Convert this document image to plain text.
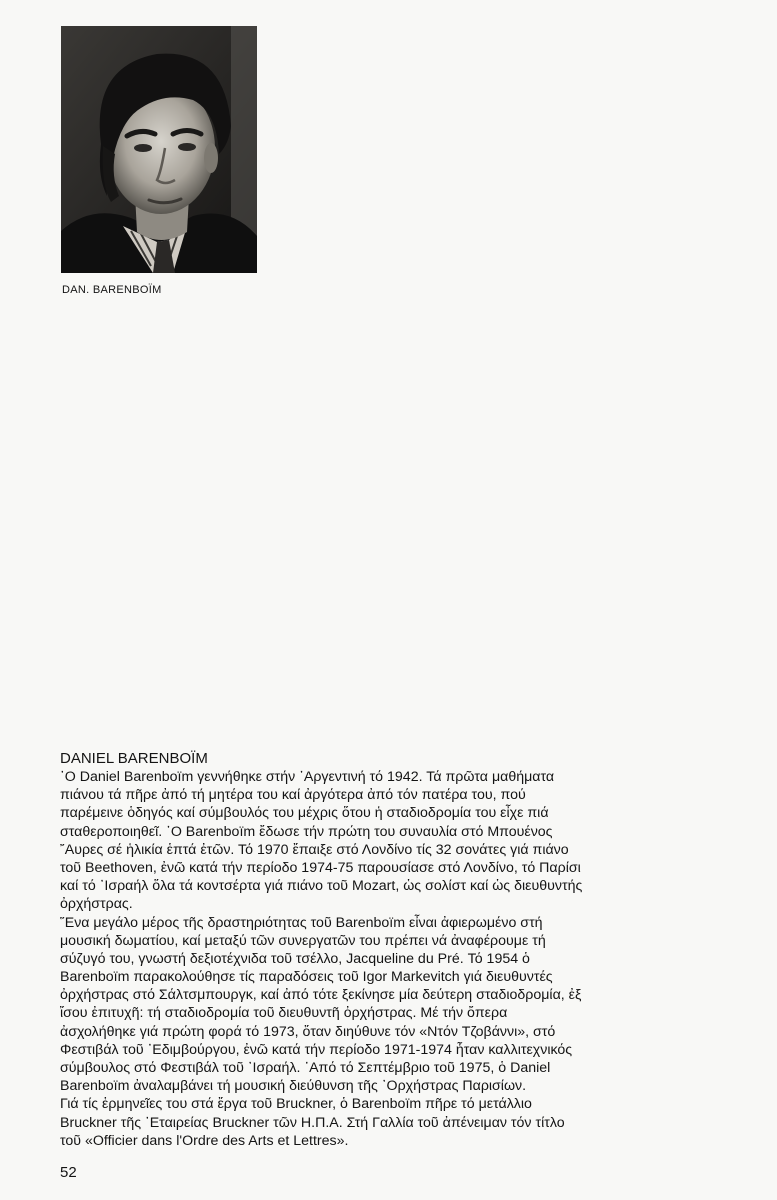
DAN. BARENBOÏM
DANIEL BARENBOÏM
῾Ο Daniel Barenboïm γεννήθηκε στήν ᾽Αργεντινή τό 1942. Τά πρῶτα μαθήματα
πιάνου τά πῆρε ἀπό τή μητέρα του καί ἀργότερα ἀπό τόν πατέρα του, πού
παρέμεινε ὁδηγός καί σύμβουλός του μέχρις ὅτου ἡ σταδιοδρομία του εἶχε πιά
σταθεροποιηθεῖ. ῾Ο Barenboïm ἔδωσε τήν πρώτη του συναυλία στό Μπουένος
῎Αυρες σέ ἡλικία ἑπτά ἐτῶν. Τό 1970 ἔπαιξε στό Λονδίνο τίς 32 σονάτες γιά πιάνο
τοῦ Beethoven, ἐνῶ κατά τήν περίοδο 1974-75 παρουσίασε στό Λονδίνο, τό Παρίσι
καί τό ᾽Ισραήλ ὅλα τά κοντσέρτα γιά πιάνο τοῦ Mozart, ὡς σολίστ καί ὡς διευθυντής
ὀρχήστρας.
῞Ενα μεγάλο μέρος τῆς δραστηριότητας τοῦ Barenboïm εἶναι ἀφιερωμένο στή
μουσική δωματίου, καί μεταξύ τῶν συνεργατῶν του πρέπει νά ἀναφέρουμε τή
σύζυγό του, γνωστή δεξιοτέχνιδα τοῦ τσέλλο, Jacqueline du Pré. Τό 1954 ὁ
Barenboïm παρακολούθησε τίς παραδόσεις τοῦ Igor Markevitch γιά διευθυντές
ὀρχήστρας στό Σάλτσμπουργκ, καί ἀπό τότε ξεκίνησε μία δεύτερη σταδιοδρομία, ἐξ
ἴσου ἐπιτυχῆ: τή σταδιοδρομία τοῦ διευθυντῆ ὀρχήστρας. Μέ τήν ὄπερα
ἀσχολήθηκε γιά πρώτη φορά τό 1973, ὅταν διηύθυνε τόν «Ντόν Τζοβάννι», στό
Φεστιβάλ τοῦ ᾽Εδιμβούργου, ἐνῶ κατά τήν περίοδο 1971-1974 ἦταν καλλιτεχνικός
σύμβουλος στό Φεστιβάλ τοῦ ᾽Ισραήλ. ᾽Από τό Σεπτέμβριο τοῦ 1975, ὁ Daniel
Barenboïm ἀναλαμβάνει τή μουσική διεύθυνση τῆς ᾽Ορχήστρας Παρισίων.
Γιά τίς ἑρμηνεῖες του στά ἔργα τοῦ Bruckner, ὁ Barenboïm πῆρε τό μετάλλιο
Bruckner τῆς ῾Εταιρείας Bruckner τῶν Η.Π.Α. Στή Γαλλία τοῦ ἀπένειμαν τόν τίτλο
τοῦ «Officier dans l'Ordre des Arts et Lettres».
52
